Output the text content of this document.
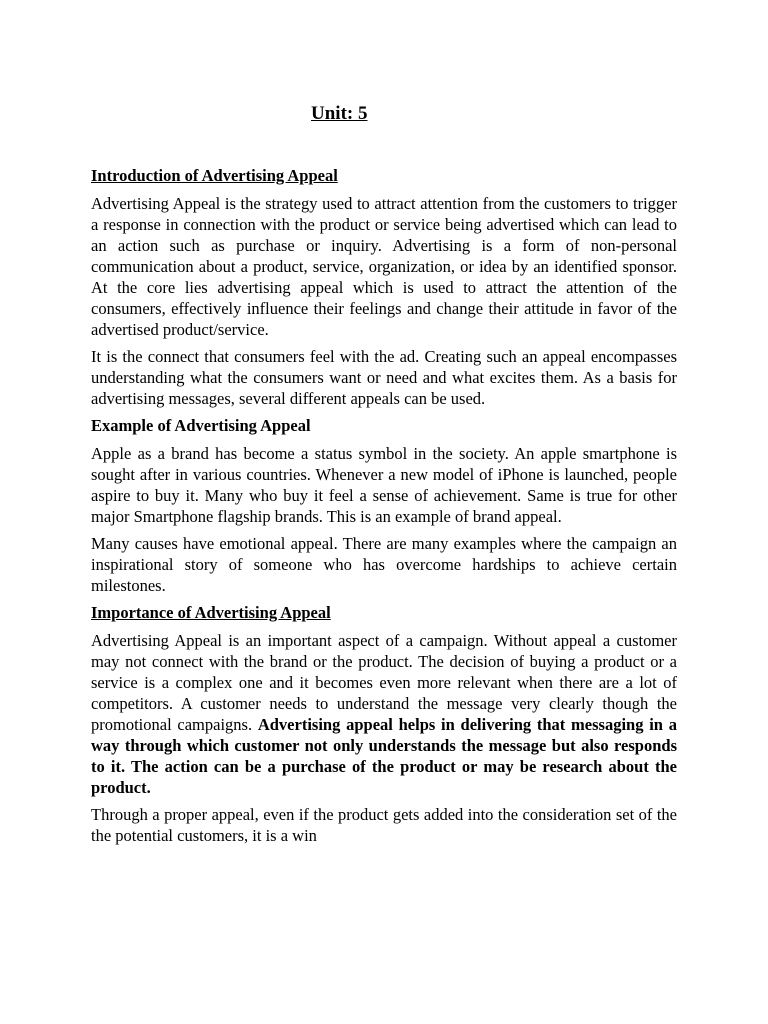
Unit: 5
Introduction of Advertising Appeal

Advertising Appeal is the strategy used to attract attention from the customers to trigger a response in connection with the product or service being advertised which can lead to an action such as purchase or inquiry. Advertising is a form of non-personal communication about a product, service, organization, or idea by an identified sponsor. At the core lies advertising appeal which is used to attract the attention of the consumers, effectively influence their feelings and change their attitude in favor of the advertised product/service.

It is the connect that consumers feel with the ad. Creating such an appeal encompasses understanding what the consumers want or need and what excites them. As a basis for advertising messages, several different appeals can be used.

Example of Advertising Appeal

Apple as a brand has become a status symbol in the society. An apple smartphone is sought after in various countries. Whenever a new model of iPhone is launched, people aspire to buy it. Many who buy it feel a sense of achievement. Same is true for other major Smartphone flagship brands. This is an example of brand appeal.

Many causes have emotional appeal. There are many examples where the campaign an inspirational story of someone who has overcome hardships to achieve certain milestones.

Importance of Advertising Appeal

Advertising Appeal is an important aspect of a campaign. Without appeal a customer may not connect with the brand or the product. The decision of buying a product or a service is a complex one and it becomes even more relevant when there are a lot of competitors. A customer needs to understand the message very clearly though the promotional campaigns. Advertising appeal helps in delivering that messaging in a way through which customer not only understands the message but also responds to it. The action can be a purchase of the product or may be research about the product.

Through a proper appeal, even if the product gets added into the consideration set of the the potential customers, it is a win
